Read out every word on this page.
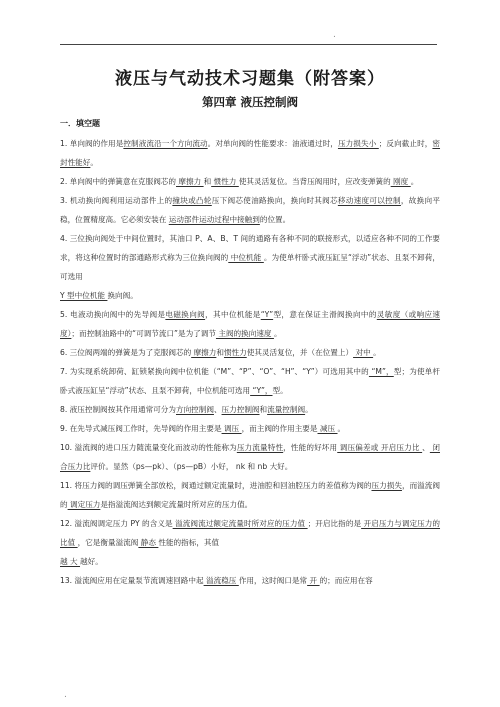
.
液压与气动技术习题集（附答案）
第四章 液压控制阀
一．填空题

1. 单向阀的作用是控制液流沿一个方向流动。对单向阀的性能要求：油液通过时，压力损失小 ；反向截止时，密封性能好。

2. 单向阀中的弹簧意在克服阀芯的 摩擦力 和 惯性力 使其灵活复位。当背压阀用时，应改变弹簧的 刚度 。

3. 机动换向阀利用运动部件上的撞块或凸轮压下阀芯使油路换向，换向时其阀芯移动速度可以控制，故换向平稳，位置精度高。它必须安装在 运动部件运动过程中接触到的位置。

4. 三位换向阀处于中间位置时，其油口 P、A、B、T 间的通路有各种不同的联接形式，以适应各种不同的工作要求，将这种位置时的部通路形式称为三位换向阀的 中位机能 。为使单杆卧式液压缸呈“浮动”状态、且泵不卸荷，可选用

Y 型中位机能 换向阀。

5. 电液动换向阀中的先导阀是电磁换向阀，其中位机能是“Y”型，意在保证主滑阀换向中的灵敏度（或响应速度）；而控制油路中的“可调节流口”是为了调节 主阀的换向速度 。

6. 三位阀两端的弹簧是为了克服阀芯的 摩擦力和惯性力使其灵活复位，并（在位置上） 对中 。

7. 为实现系统卸荷、缸锁紧换向阀中位机能（“M”、“P”、“O”、“H”、“Y”）可选用其中的 “M”，型；为使单杆卧式液压缸呈“浮动”状态、且泵不卸荷，中位机能可选用 “Y”，型。

8. 液压控制阀按其作用通常可分为方向控制阀、压力控制阀和流量控制阀。

9. 在先导式减压阀工作时，先导阀的作用主要是 调压 ，而主阀的作用主要是 减压 。

10. 溢流阀的进口压力随流量变化而波动的性能称为压力流量特性，性能的好坏用 调压偏差或 开启压力比 、 闭合压力比评价。显然（ps—pk）、（ps—pB）小好， nk 和 nb 大好。

11. 将压力阀的调压弹簧全部放松，阀通过额定流量时，进油腔和回油腔压力的差值称为阀的压力损失，而溢流阀的 调定压力是指溢流阀达到额定流量时所对应的压力值。

12. 溢流阀调定压力 PY 的含义是 溢流阀流过额定流量时所对应的压力值 ；开启比指的是 开启压力与调定压力的比值 ，它是衡量溢流阀 静态 性能的指标，其值

越 大 越好。

13. 溢流阀应用在定量泵节流调速回路中起 溢流稳压 作用，这时阀口是常 开 的；而应用在容

.
